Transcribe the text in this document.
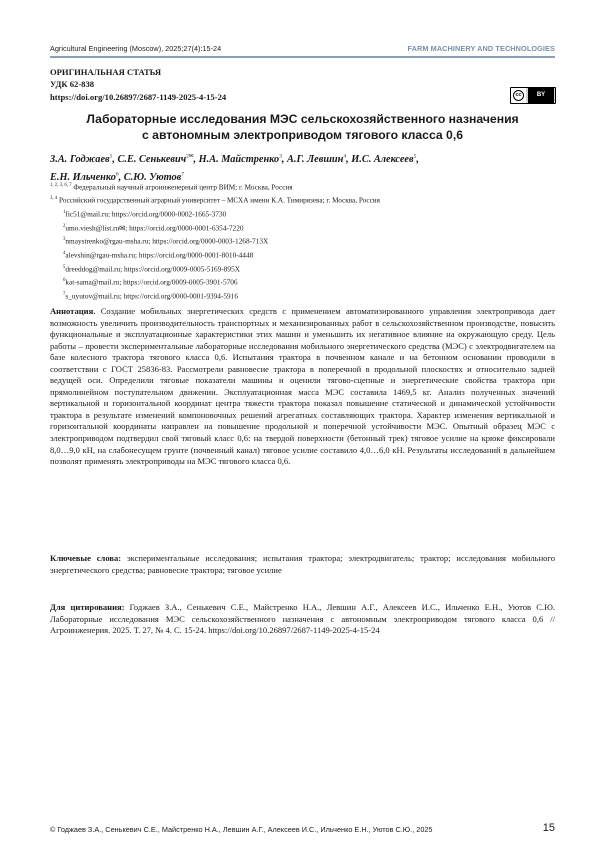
Agricultural Engineering (Moscow), 2025;27(4):15-24	FARM MACHINERY AND TECHNOLOGIES
ОРИГИНАЛЬНАЯ СТАТЬЯ
УДК 62-838
https://doi.org/10.26897/2687-1149-2025-4-15-24	cc	BY
Лабораторные исследования МЭС сельскохозяйственного назначения
с автономным электроприводом тягового класса 0,6
З.А. Годжаев$^1$, С.Е. Сенькевич$^{2✉}$, Н.А. Майстренко$^3$, А.Г. Левшин$^4$, И.С. Алексеев$^5$,
Е.Н. Ильченко$^6$, С.Ю. Уютов$^7$
$^{1, 2, 3, 6, 7}$ Федеральный научный агроинженерный центр ВИМ; г. Москва, Россия
$^{3, 4}$ Российский государственный аграрный университет – МСХА имени К.А. Тимирязева; г. Москва, Россия
$^1$fic51@mail.ru; https://orcid.org/0000-0002-1665-3730
$^2$umo.viesh@list.ru✉; https://orcid.org/0000-0001-6354-7220
$^3$nmaystrenko@rgau-msha.ru; https://orcid.org/0000-0003-1268-713X
$^4$alevshin@rgau-msha.ru; https://orcid.org/0000-0001-8010-4448
$^5$dreeddog@mail.ru; https://orcid.org/0009-0005-5169-895X
$^6$kat-sama@mail.ru; https://orcid.org/0009-0005-3901-5706
$^7$s_uyutov@mail.ru; https://orcid.org/0000-0001-9394-5916
Аннотация. Создание мобильных энергетических средств с применением автоматизированного управления электропривода дает возможность увеличить производительность транспортных и механизированных работ в сельскохозяйственном производстве, повысить функциональные и эксплуатационные характеристики этих машин и уменьшить их негативное влияние на окружающую среду. Цель работы – провести экспериментальные лабораторные исследования мобильного энергетического средства (МЭС) с электродвигателем на базе колесного трактора тягового класса 0,6. Испытания трактора в почвенном канале и на бетонном основании проводили в соответствии с ГОСТ 25836-83. Рассмотрели равновесие трактора в поперечной в продольной плоскостях и относительно задней ведущей оси. Определили тяговые показатели машины и оценили тягово-сцепные и энергетические свойства трактора при прямолинейном поступательном движении. Эксплуатационная масса МЭС составила 1469,5 кг. Анализ полученных значений вертикальной и горизонтальной координат центра тяжести трактора показал повышение статической и динамической устойчивости трактора в результате изменений компоновочных решений агрегатных составляющих трактора. Характер изменения вертикальной и горизонтальной координаты направлен на повышение продольной и поперечной устойчивости МЭС. Опытный образец МЭС с электроприводом подтвердил свой тяговый класс 0,6: на твердой поверхности (бетонный трек) тяговое усилие на крюке фиксировали 8,0…9,0 кН, на слабонесущем грунте (почвенный канал) тяговое усилие составило 4,0…6,0 кН. Результаты исследований в дальнейшем позволят применять электроприводы на МЭС тягового класса 0,6.
Ключевые слова: экспериментальные исследования; испытания трактора; электродвигатель; трактор; исследования мобильного энергетического средства; равновесие трактора; тяговое усилие
Для цитирования: Годжаев З.А., Сенькевич С.Е., Майстренко Н.А., Левшин А.Г., Алексеев И.С., Ильченко Е.Н., Уютов С.Ю. Лабораторные исследования МЭС сельскохозяйственного назначения с автономным электроприводом тягового класса 0,6 // Агроинженерия. 2025. Т. 27, № 4. С. 15-24. https://doi.org/10.26897/2687-1149-2025-4-15-24
© Годжаев З.А., Сенькевич С.Е., Майстренко Н.А., Левшин А.Г., Алексеев И.С., Ильченко Е.Н., Уютов С.Ю., 2025	15
